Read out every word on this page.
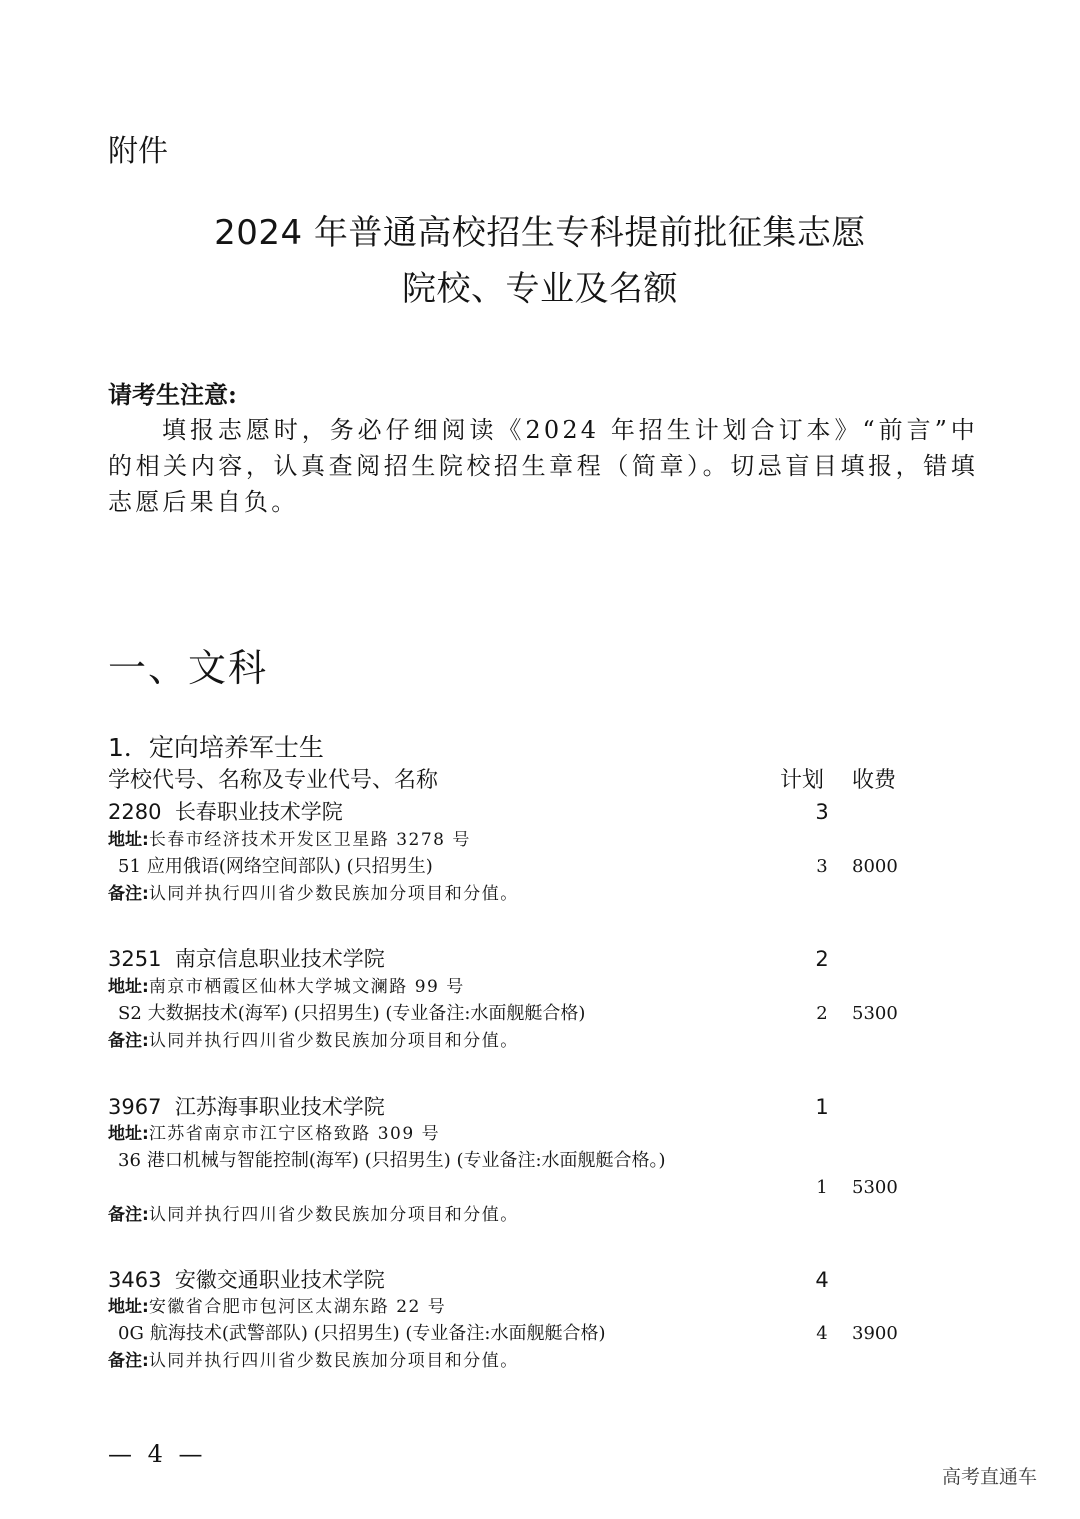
附件
2024 年普通高校招生专科提前批征集志愿
院校、专业及名额
请考生注意:
填报志愿时，务必仔细阅读《2024 年招生计划合订本》“前言”中的相关内容，认真查阅招生院校招生章程（简章）。切忌盲目填报，错填志愿后果自负。
一、文科
1．定向培养军士生
学校代号、名称及专业代号、名称	计划 收费
2280 长春职业技术学院	3
地址:长春市经济技术开发区卫星路 3278 号
51 应用俄语(网络空间部队) (只招男生)	3 8000
备注:认同并执行四川省少数民族加分项目和分值。
3251 南京信息职业技术学院	2
地址:南京市栖霞区仙林大学城文澜路 99 号
S2 大数据技术(海军) (只招男生) (专业备注:水面舰艇合格)	2 5300
备注:认同并执行四川省少数民族加分项目和分值。
3967 江苏海事职业技术学院	1
地址:江苏省南京市江宁区格致路 309 号
36 港口机械与智能控制(海军) (只招男生) (专业备注:水面舰艇合格。)
1 5300
备注:认同并执行四川省少数民族加分项目和分值。
3463 安徽交通职业技术学院	4
地址:安徽省合肥市包河区太湖东路 22 号
0G 航海技术(武警部队) (只招男生) (专业备注:水面舰艇合格)	4 3900
备注:认同并执行四川省少数民族加分项目和分值。
— 4 —
高考直通车
